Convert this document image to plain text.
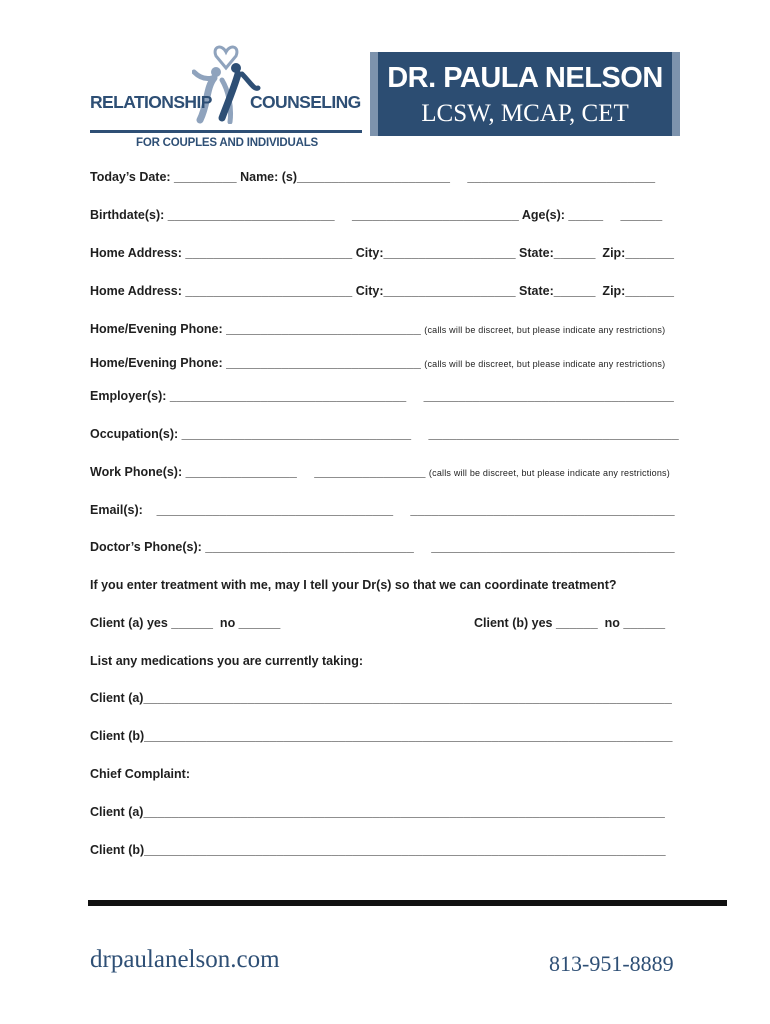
RELATIONSHIP COUNSELING
FOR COUPLES AND INDIVIDUALS
DR. PAULA NELSON
LCSW, MCAP, CET
Today’s Date: _________ Name: (s)______________________     ___________________________
Birthdate(s): ________________________     ________________________ Age(s): _____     ______
Home Address: ________________________ City:___________________ State:______  Zip:_______
Home Address: ________________________ City:___________________ State:______  Zip:_______
Home/Evening Phone: ____________________________ (calls will be discreet, but please indicate any restrictions)
Home/Evening Phone: ____________________________ (calls will be discreet, but please indicate any restrictions)
Employer(s): __________________________________     ____________________________________
Occupation(s): _________________________________     ____________________________________
Work Phone(s): ________________     ________________ (calls will be discreet, but please indicate any restrictions)
Email(s):    __________________________________     ______________________________________
Doctor’s Phone(s): ______________________________     ___________________________________
If you enter treatment with me, may I tell your Dr(s) so that we can coordinate treatment?
Client (a) yes ______  no ______	Client (b) yes ______  no ______
List any medications you are currently taking:
Client (a)____________________________________________________________________________
Client (b)____________________________________________________________________________
Chief Complaint:
Client (a)___________________________________________________________________________
Client (b)___________________________________________________________________________
drpaulanelson.com	813-951-8889
